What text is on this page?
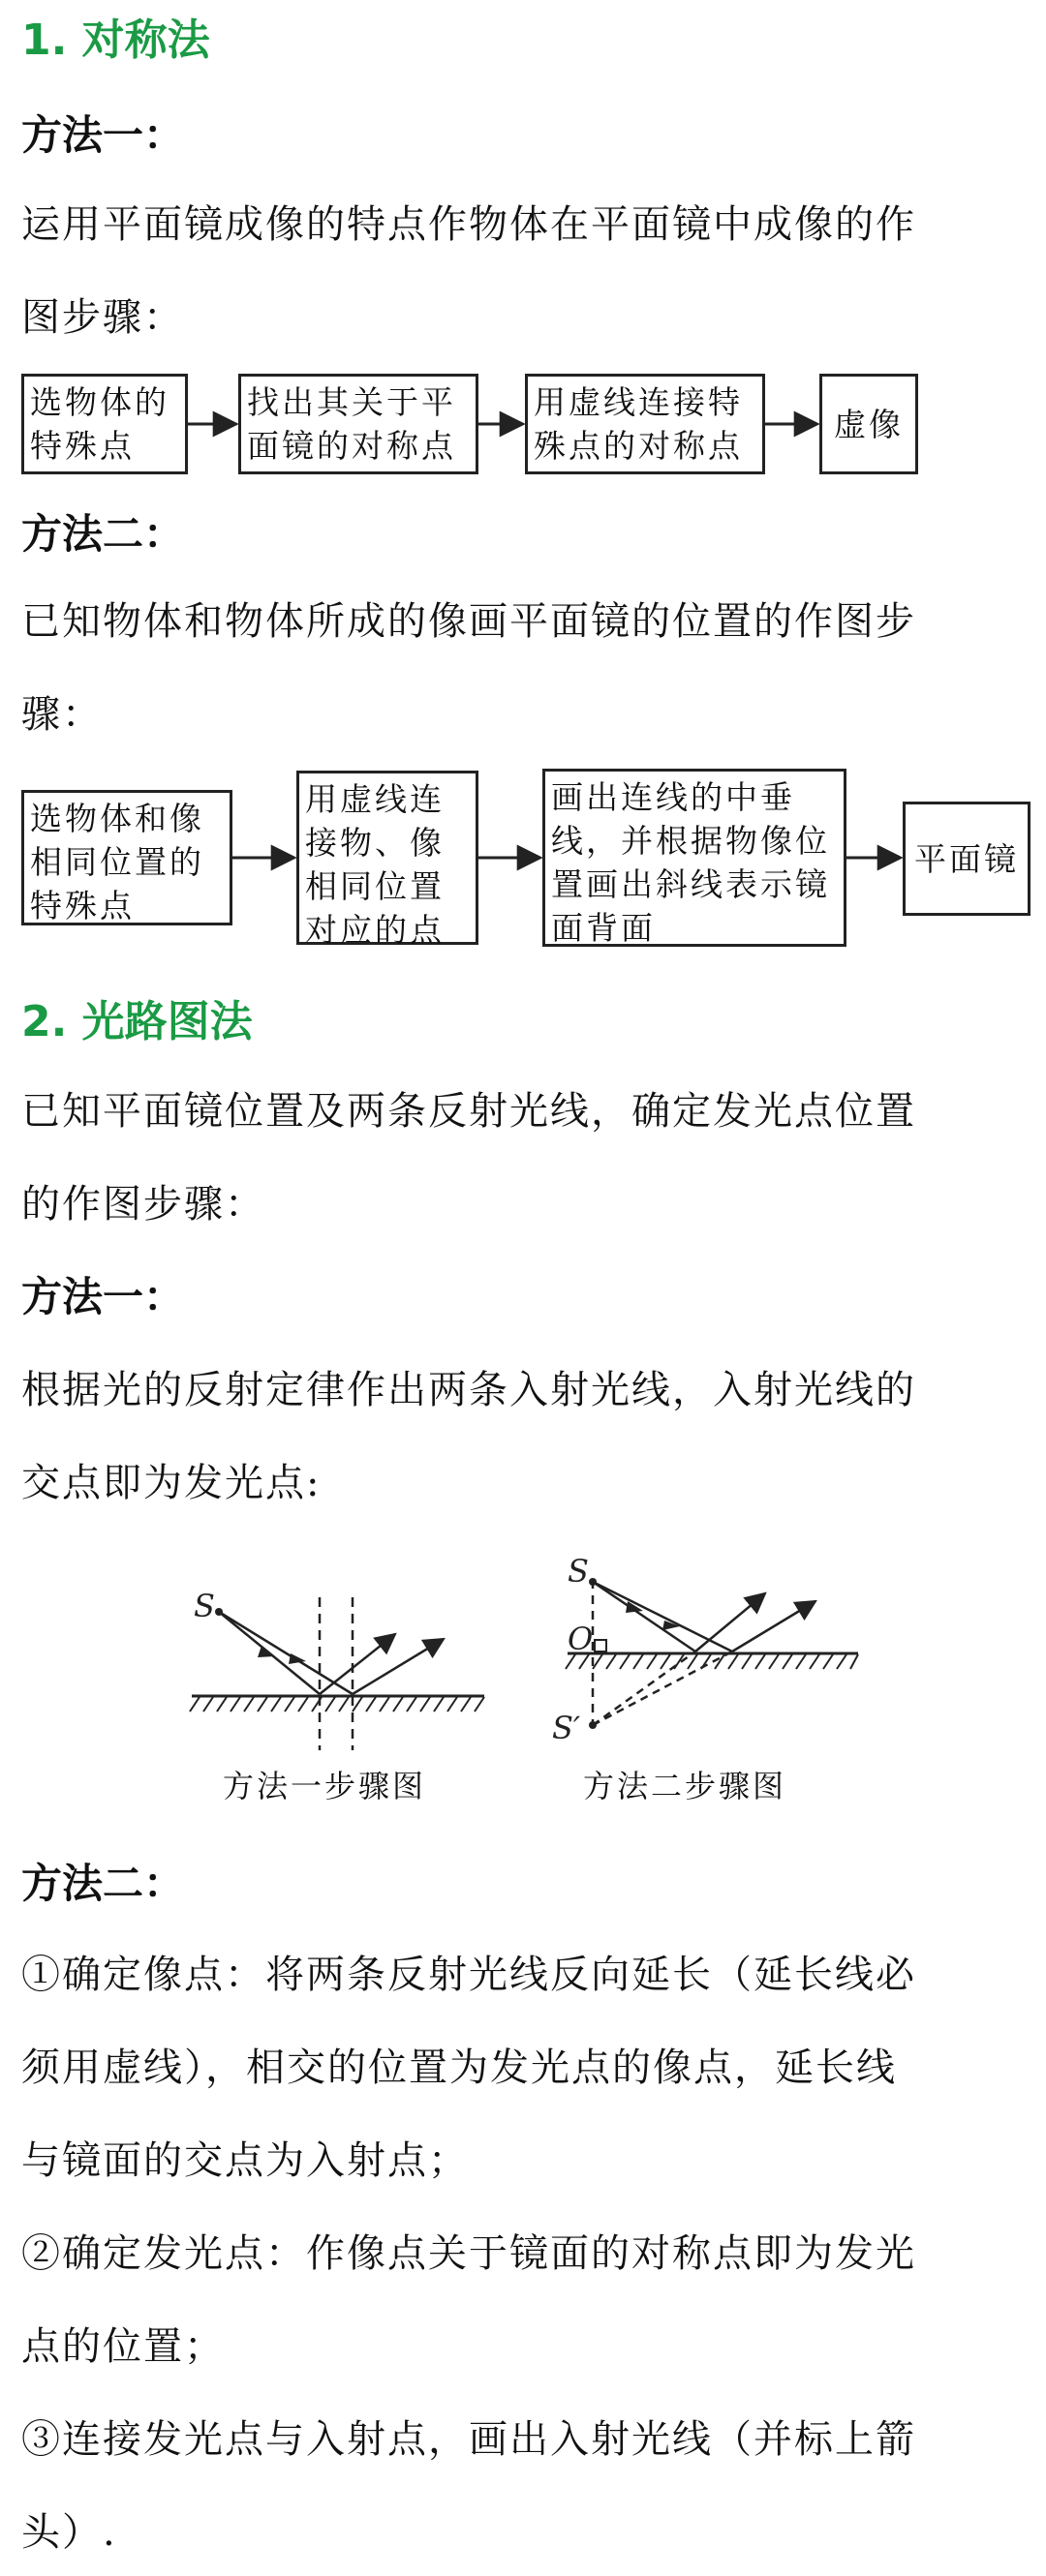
1. 对称法
方法一：
运用平面镜成像的特点作物体在平面镜中成像的作
图步骤：
选物体的特殊点
找出其关于平面镜的对称点
用虚线连接特殊点的对称点
虚像
方法二：
已知物体和物体所成的像画平面镜的位置的作图步
骤：
选物体和像相同位置的特殊点
用虚线连接物、像相同位置对应的点
画出连线的中垂线，并根据物像位置画出斜线表示镜面背面
平面镜
2. 光路图法
已知平面镜位置及两条反射光线，确定发光点位置
的作图步骤：
方法一：
根据光的反射定律作出两条入射光线，入射光线的
交点即为发光点:
S
S
O
S′
方法一步骤图	方法二步骤图
方法二：
①确定像点：将两条反射光线反向延长（延长线必
须用虚线），相交的位置为发光点的像点，延长线
与镜面的交点为入射点；
②确定发光点：作像点关于镜面的对称点即为发光
点的位置；
③连接发光点与入射点，画出入射光线（并标上箭
头）.
